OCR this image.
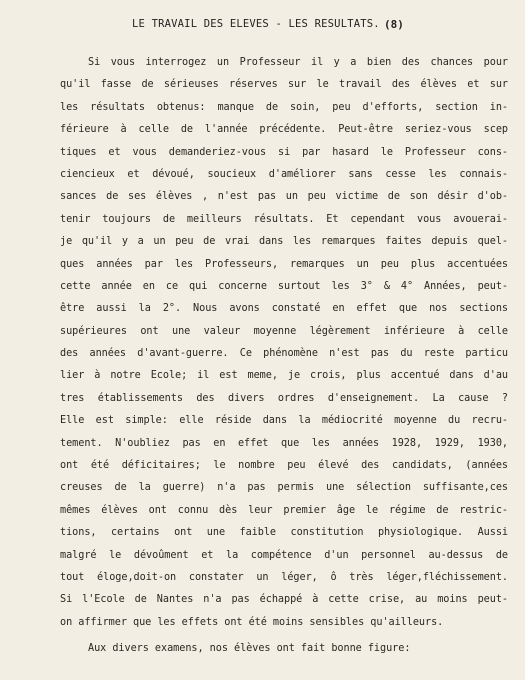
LE TRAVAIL DES ELEVES - LES RESULTATS. (8)
Si vous interrogez un Professeur il y a bien des chances pour
qu'il fasse de sérieuses réserves sur le travail des élèves et sur
les résultats obtenus: manque de soin, peu d'efforts, section in-
férieure à celle de l'année précédente. Peut-être seriez-vous scep
tiques et vous demanderiez-vous si par hasard le Professeur cons-
ciencieux et dévoué, soucieux d'améliorer sans cesse les connais-
sances de ses élèves , n'est pas un peu victime de son désir d'ob-
tenir toujours de meilleurs résultats. Et cependant vous avouerai-
je qu'il y a un peu de vrai dans les remarques faites depuis quel-
ques années par les Professeurs, remarques un peu plus accentuées
cette année en ce qui concerne surtout les 3° & 4° Années, peut-
être aussi la 2°. Nous avons constaté en effet que nos sections
supérieures ont une valeur moyenne légèrement inférieure à celle
des années d'avant-guerre. Ce phénomène n'est pas du reste particu
lier à notre Ecole; il est meme, je crois, plus accentué dans d'au
tres établissements des divers ordres d'enseignement. La cause ?
Elle est simple: elle réside dans la médiocrité moyenne du recru-
tement. N'oubliez pas en effet que les années 1928, 1929, 1930,
ont été déficitaires; le nombre peu élevé des candidats, (années
creuses de la guerre) n'a pas permis une sélection suffisante,ces
mêmes élèves ont connu dès leur premier âge le régime de restric-
tions, certains ont une faible constitution physiologique. Aussi
malgré le dévoûment et la compétence d'un personnel au-dessus de
tout éloge,doit-on constater un léger, ô très léger,fléchissement.
Si l'Ecole de Nantes n'a pas échappé à cette crise, au moins peut-
on affirmer que les effets ont été moins sensibles qu'ailleurs.
Aux divers examens, nos élèves ont fait bonne figure:
